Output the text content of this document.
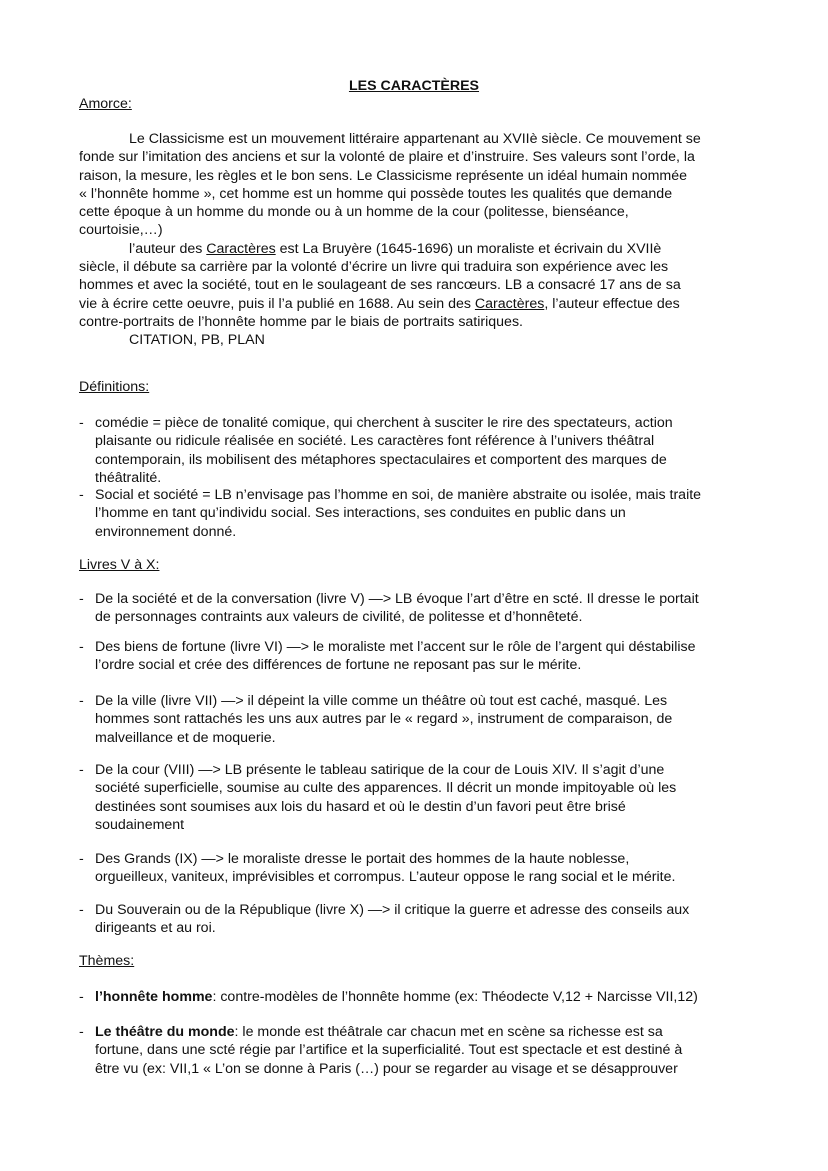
LES CARACTÈRES
Amorce:
Le Classicisme est un mouvement littéraire appartenant au XVIIè siècle. Ce mouvement se
fonde sur l’imitation des anciens et sur la volonté de plaire et d’instruire. Ses valeurs sont l’orde, la
raison, la mesure, les règles et le bon sens. Le Classicisme représente un idéal humain nommée
« l’honnête homme », cet homme est un homme qui possède toutes les qualités que demande
cette époque à un homme du monde ou à un homme de la cour (politesse, bienséance,
courtoisie,…)
l’auteur des Caractères est La Bruyère (1645-1696) un moraliste et écrivain du XVIIè
siècle, il débute sa carrière par la volonté d’écrire un livre qui traduira son expérience avec les
hommes et avec la société, tout en le soulageant de ses rancœurs. LB a consacré 17 ans de sa
vie à écrire cette oeuvre, puis il l’a publié en 1688. Au sein des Caractères, l’auteur effectue des
contre-portraits de l’honnête homme par le biais de portraits satiriques.
CITATION, PB, PLAN
Définitions:
- comédie = pièce de tonalité comique, qui cherchent à susciter le rire des spectateurs, action
plaisante ou ridicule réalisée en société. Les caractères font référence à l’univers théâtral
contemporain, ils mobilisent des métaphores spectaculaires et comportent des marques de
théâtralité.
- Social et société = LB n’envisage pas l’homme en soi, de manière abstraite ou isolée, mais traite
l’homme en tant qu’individu social. Ses interactions, ses conduites en public dans un
environnement donné.
Livres V à X:
- De la société et de la conversation (livre V) —> LB évoque l’art d’être en scté. Il dresse le portait
de personnages contraints aux valeurs de civilité, de politesse et d’honnêteté.
- Des biens de fortune (livre VI) —> le moraliste met l’accent sur le rôle de l’argent qui déstabilise
l’ordre social et crée des différences de fortune ne reposant pas sur le mérite.
- De la ville (livre VII) —> il dépeint la ville comme un théâtre où tout est caché, masqué. Les
hommes sont rattachés les uns aux autres par le « regard », instrument de comparaison, de
malveillance et de moquerie.
- De la cour (VIII) —> LB présente le tableau satirique de la cour de Louis XIV. Il s’agit d’une
société superficielle, soumise au culte des apparences. Il décrit un monde impitoyable où les
destinées sont soumises aux lois du hasard et où le destin d’un favori peut être brisé
soudainement
- Des Grands (IX) —> le moraliste dresse le portait des hommes de la haute noblesse,
orgueilleux, vaniteux, imprévisibles et corrompus. L’auteur oppose le rang social et le mérite.
- Du Souverain ou de la République (livre X) —> il critique la guerre et adresse des conseils aux
dirigeants et au roi.
Thèmes:
- l’honnête homme: contre-modèles de l’honnête homme (ex: Théodecte V,12 + Narcisse VII,12)
- Le théâtre du monde: le monde est théâtrale car chacun met en scène sa richesse est sa
fortune, dans une scté régie par l’artifice et la superficialité. Tout est spectacle et est destiné à
être vu (ex: VII,1 « L’on se donne à Paris (…) pour se regarder au visage et se désapprouver
